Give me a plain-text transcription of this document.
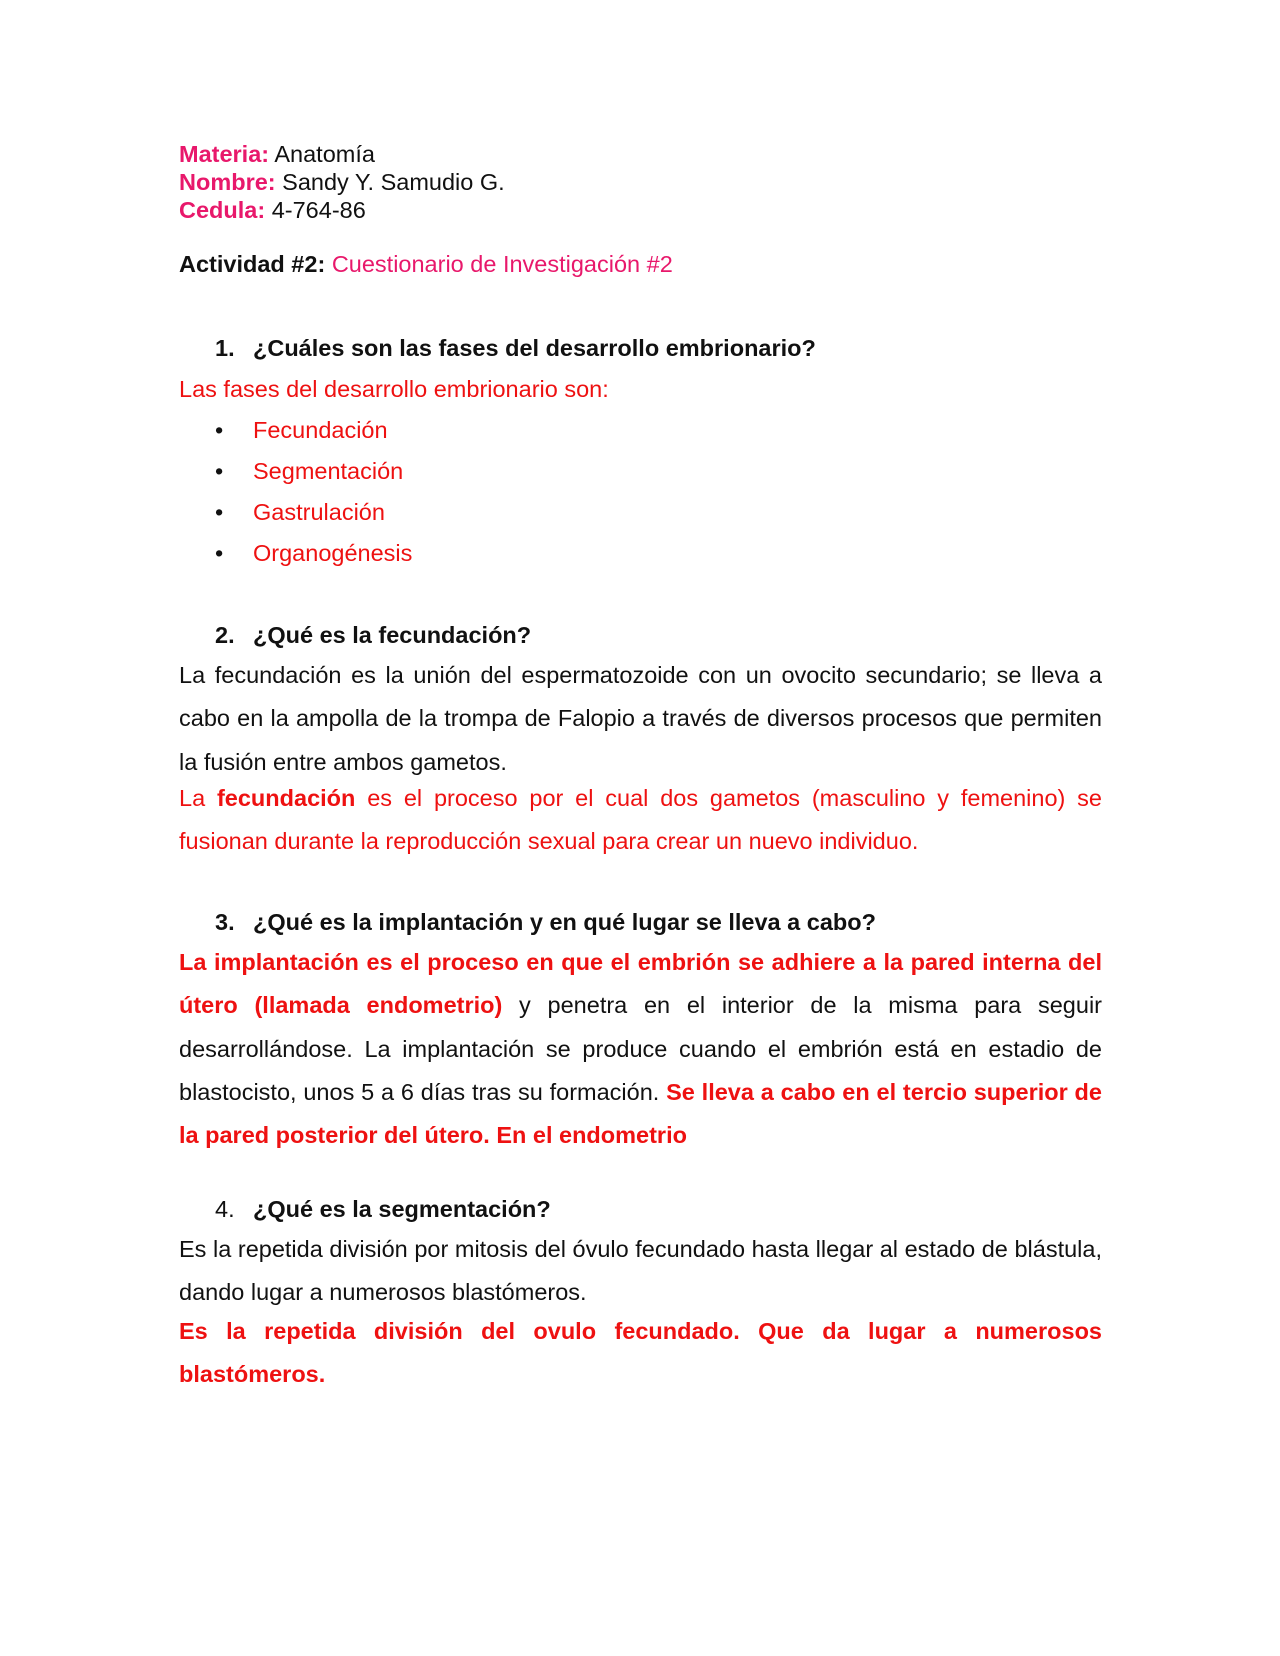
Materia: Anatomía
Nombre: Sandy Y. Samudio G.
Cedula: 4-764-86
Actividad #2: Cuestionario de Investigación #2
1. ¿Cuáles son las fases del desarrollo embrionario?
Las fases del desarrollo embrionario son:
• Fecundación
• Segmentación
• Gastrulación
• Organogénesis
2. ¿Qué es la fecundación?
La fecundación es la unión del espermatozoide con un ovocito secundario; se lleva a cabo en la ampolla de la trompa de Falopio a través de diversos procesos que permiten la fusión entre ambos gametos.
La fecundación es el proceso por el cual dos gametos (masculino y femenino) se fusionan durante la reproducción sexual para crear un nuevo individuo.
3. ¿Qué es la implantación y en qué lugar se lleva a cabo?
La implantación es el proceso en que el embrión se adhiere a la pared interna del útero (llamada endometrio) y penetra en el interior de la misma para seguir desarrollándose. La implantación se produce cuando el embrión está en estadio de blastocisto, unos 5 a 6 días tras su formación. Se lleva a cabo en el tercio superior de la pared posterior del útero. En el endometrio
4. ¿Qué es la segmentación?
Es la repetida división por mitosis del óvulo fecundado hasta llegar al estado de blástula, dando lugar a numerosos blastómeros.
Es la repetida división del ovulo fecundado. Que da lugar a numerosos blastómeros.
